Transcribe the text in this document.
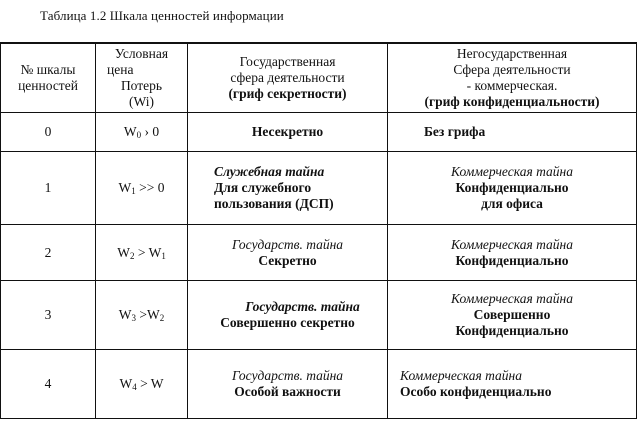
Таблица 1.2 Шкала ценностей информации
№ шкалы
ценностей	Условная
цена
Потерь
(Wi)	Государственная
сфера деятельности
(гриф секретности)	Негосударственная
Сфера деятельности
- коммерческая.
(гриф конфиденциальности)

0	$W_0$ › 0	Несекретно	Без грифа

1	$W_1 >> 0$	Служебная тайна
Для служебного
пользования (ДСП)	Коммерческая тайна
Конфиденциально
для офиса

2	$W_2 > W_1$	Государств. тайна
Секретно	Коммерческая тайна
Конфиденциально

3	$W_3 >W_2$	Государств. тайна
Совершенно секретно	Коммерческая тайна
Совершенно
Конфиденциально

4	$W_4 > W$	Государств. тайна
Особой важности	Коммерческая тайна
Особо конфиденциально
